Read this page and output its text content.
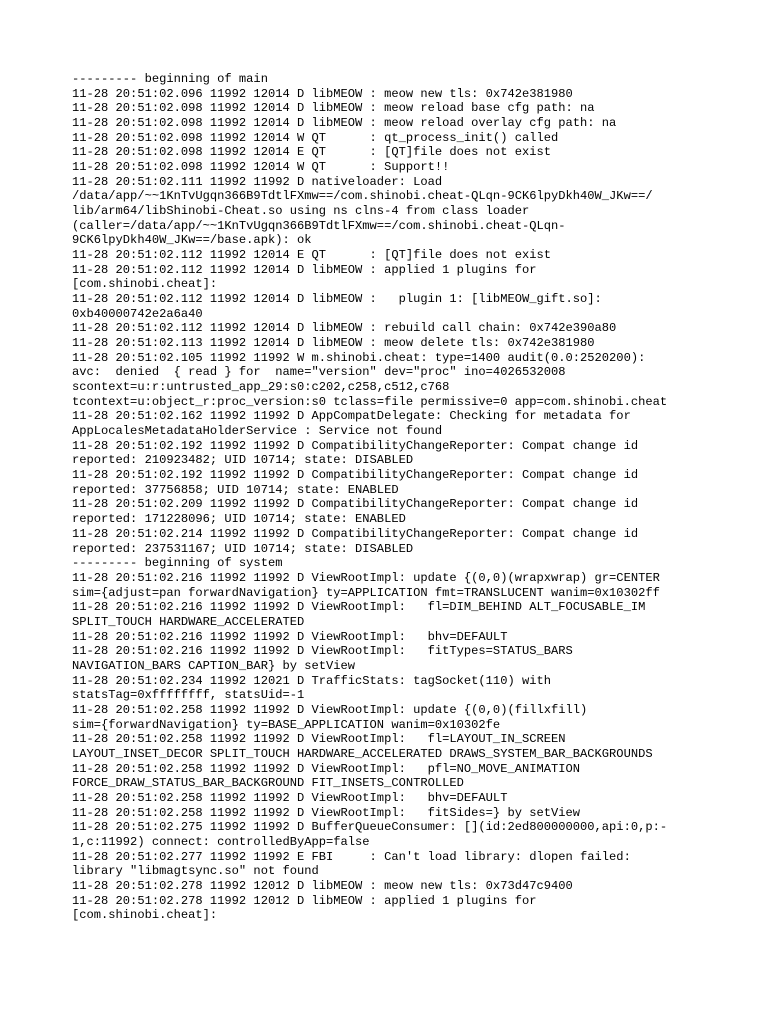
--------- beginning of main
11-28 20:51:02.096 11992 12014 D libMEOW : meow new tls: 0x742e381980
11-28 20:51:02.098 11992 12014 D libMEOW : meow reload base cfg path: na
11-28 20:51:02.098 11992 12014 D libMEOW : meow reload overlay cfg path: na
11-28 20:51:02.098 11992 12014 W QT      : qt_process_init() called
11-28 20:51:02.098 11992 12014 E QT      : [QT]file does not exist
11-28 20:51:02.098 11992 12014 W QT      : Support!!
11-28 20:51:02.111 11992 11992 D nativeloader: Load
/data/app/~~1KnTvUgqn366B9TdtlFXmw==/com.shinobi.cheat-QLqn-9CK6lpyDkh40W_JKw==/
lib/arm64/libShinobi-Cheat.so using ns clns-4 from class loader
(caller=/data/app/~~1KnTvUgqn366B9TdtlFXmw==/com.shinobi.cheat-QLqn-
9CK6lpyDkh40W_JKw==/base.apk): ok
11-28 20:51:02.112 11992 12014 E QT      : [QT]file does not exist
11-28 20:51:02.112 11992 12014 D libMEOW : applied 1 plugins for
[com.shinobi.cheat]:
11-28 20:51:02.112 11992 12014 D libMEOW :   plugin 1: [libMEOW_gift.so]:
0xb40000742e2a6a40
11-28 20:51:02.112 11992 12014 D libMEOW : rebuild call chain: 0x742e390a80
11-28 20:51:02.113 11992 12014 D libMEOW : meow delete tls: 0x742e381980
11-28 20:51:02.105 11992 11992 W m.shinobi.cheat: type=1400 audit(0.0:2520200):
avc:  denied  { read } for  name="version" dev="proc" ino=4026532008
scontext=u:r:untrusted_app_29:s0:c202,c258,c512,c768
tcontext=u:object_r:proc_version:s0 tclass=file permissive=0 app=com.shinobi.cheat
11-28 20:51:02.162 11992 11992 D AppCompatDelegate: Checking for metadata for
AppLocalesMetadataHolderService : Service not found
11-28 20:51:02.192 11992 11992 D CompatibilityChangeReporter: Compat change id
reported: 210923482; UID 10714; state: DISABLED
11-28 20:51:02.192 11992 11992 D CompatibilityChangeReporter: Compat change id
reported: 37756858; UID 10714; state: ENABLED
11-28 20:51:02.209 11992 11992 D CompatibilityChangeReporter: Compat change id
reported: 171228096; UID 10714; state: ENABLED
11-28 20:51:02.214 11992 11992 D CompatibilityChangeReporter: Compat change id
reported: 237531167; UID 10714; state: DISABLED
--------- beginning of system
11-28 20:51:02.216 11992 11992 D ViewRootImpl: update {(0,0)(wrapxwrap) gr=CENTER
sim={adjust=pan forwardNavigation} ty=APPLICATION fmt=TRANSLUCENT wanim=0x10302ff
11-28 20:51:02.216 11992 11992 D ViewRootImpl:   fl=DIM_BEHIND ALT_FOCUSABLE_IM
SPLIT_TOUCH HARDWARE_ACCELERATED
11-28 20:51:02.216 11992 11992 D ViewRootImpl:   bhv=DEFAULT
11-28 20:51:02.216 11992 11992 D ViewRootImpl:   fitTypes=STATUS_BARS
NAVIGATION_BARS CAPTION_BAR} by setView
11-28 20:51:02.234 11992 12021 D TrafficStats: tagSocket(110) with
statsTag=0xffffffff, statsUid=-1
11-28 20:51:02.258 11992 11992 D ViewRootImpl: update {(0,0)(fillxfill)
sim={forwardNavigation} ty=BASE_APPLICATION wanim=0x10302fe
11-28 20:51:02.258 11992 11992 D ViewRootImpl:   fl=LAYOUT_IN_SCREEN
LAYOUT_INSET_DECOR SPLIT_TOUCH HARDWARE_ACCELERATED DRAWS_SYSTEM_BAR_BACKGROUNDS
11-28 20:51:02.258 11992 11992 D ViewRootImpl:   pfl=NO_MOVE_ANIMATION
FORCE_DRAW_STATUS_BAR_BACKGROUND FIT_INSETS_CONTROLLED
11-28 20:51:02.258 11992 11992 D ViewRootImpl:   bhv=DEFAULT
11-28 20:51:02.258 11992 11992 D ViewRootImpl:   fitSides=} by setView
11-28 20:51:02.275 11992 11992 D BufferQueueConsumer: [](id:2ed800000000,api:0,p:-
1,c:11992) connect: controlledByApp=false
11-28 20:51:02.277 11992 11992 E FBI     : Can't load library: dlopen failed:
library "libmagtsync.so" not found
11-28 20:51:02.278 11992 12012 D libMEOW : meow new tls: 0x73d47c9400
11-28 20:51:02.278 11992 12012 D libMEOW : applied 1 plugins for
[com.shinobi.cheat]:
